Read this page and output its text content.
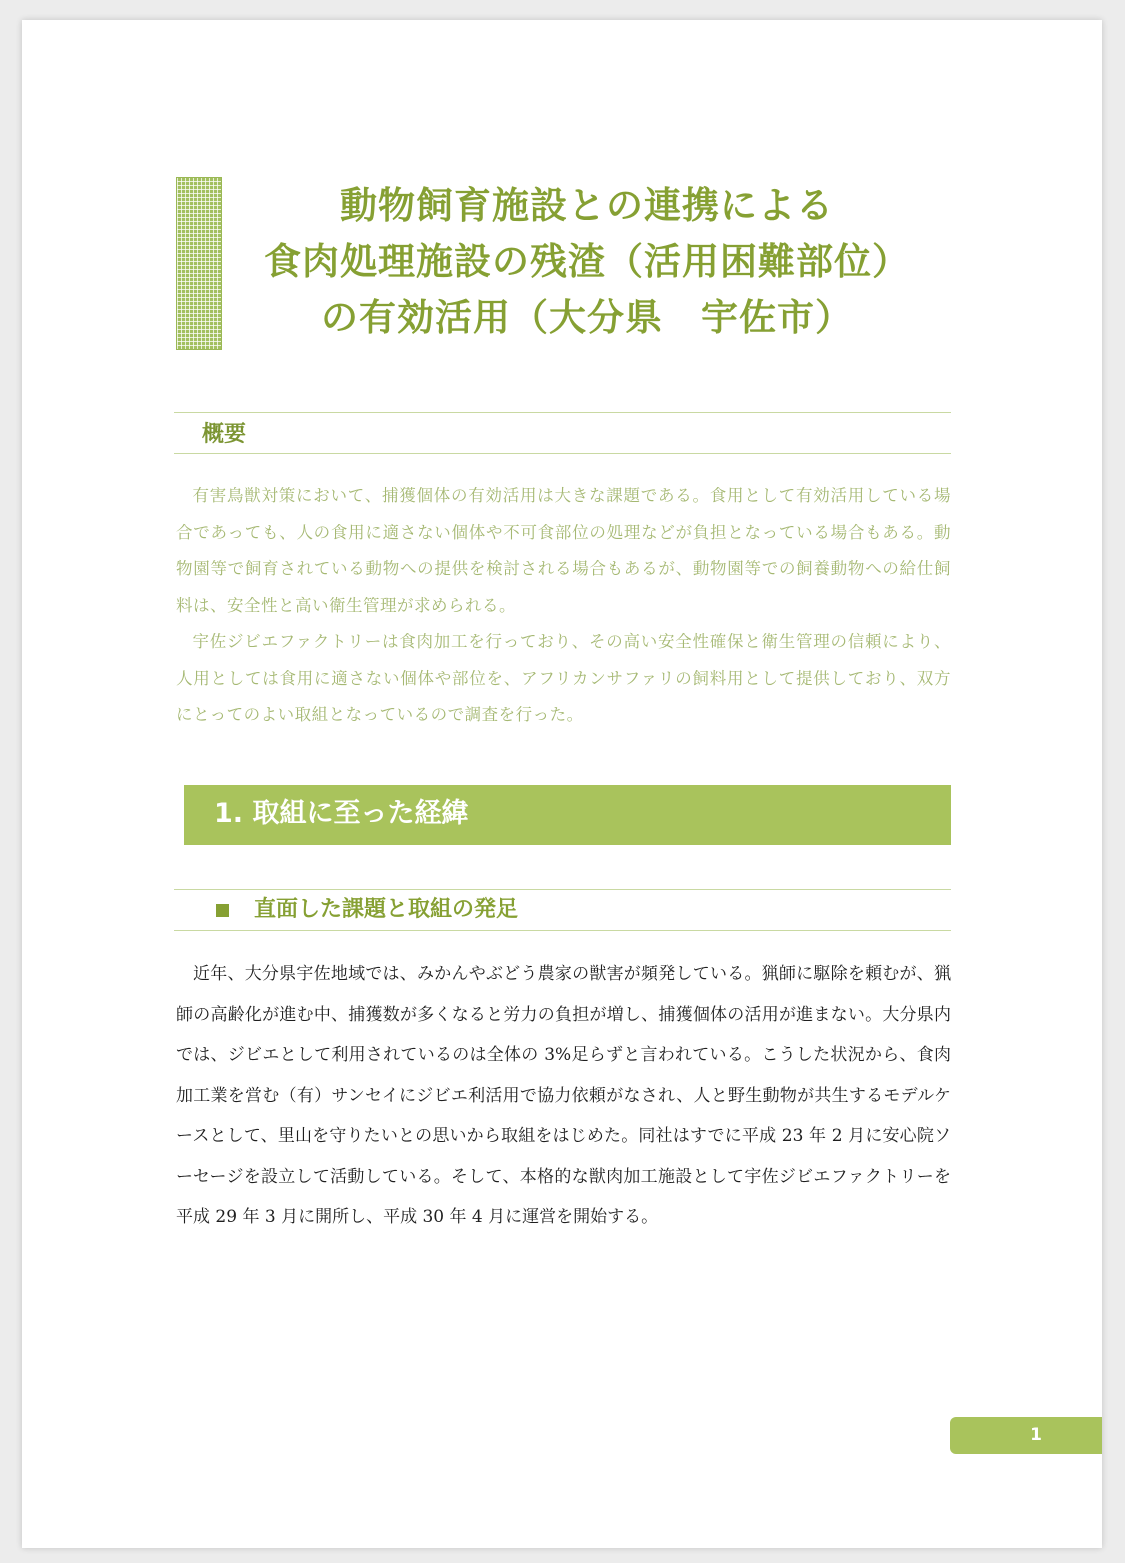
動物飼育施設との連携による
食肉処理施設の残渣（活用困難部位）
の有効活用（大分県　宇佐市）
概要

有害鳥獣対策において、捕獲個体の有効活用は大きな課題である。食用として有効活用している場合であっても、人の食用に適さない個体や不可食部位の処理などが負担となっている場合もある。動物園等で飼育されている動物への提供を検討される場合もあるが、動物園等での飼養動物への給仕飼料は、安全性と高い衛生管理が求められる。

宇佐ジビエファクトリーは食肉加工を行っており、その高い安全性確保と衛生管理の信頼により、人用としては食用に適さない個体や部位を、アフリカンサファリの飼料用として提供しており、双方にとってのよい取組となっているので調査を行った。

1. 取組に至った経緯
直面した課題と取組の発足

近年、大分県宇佐地域では、みかんやぶどう農家の獣害が頻発している。猟師に駆除を頼むが、猟師の高齢化が進む中、捕獲数が多くなると労力の負担が増し、捕獲個体の活用が進まない。大分県内では、ジビエとして利用されているのは全体の 3%足らずと言われている。こうした状況から、食肉加工業を営む（有）サンセイにジビエ利活用で協力依頼がなされ、人と野生動物が共生するモデルケースとして、里山を守りたいとの思いから取組をはじめた。同社はすでに平成 23 年 2 月に安心院ソーセージを設立して活動している。そして、本格的な獣肉加工施設として宇佐ジビエファクトリーを平成 29 年 3 月に開所し、平成 30 年 4 月に運営を開始する。

1
